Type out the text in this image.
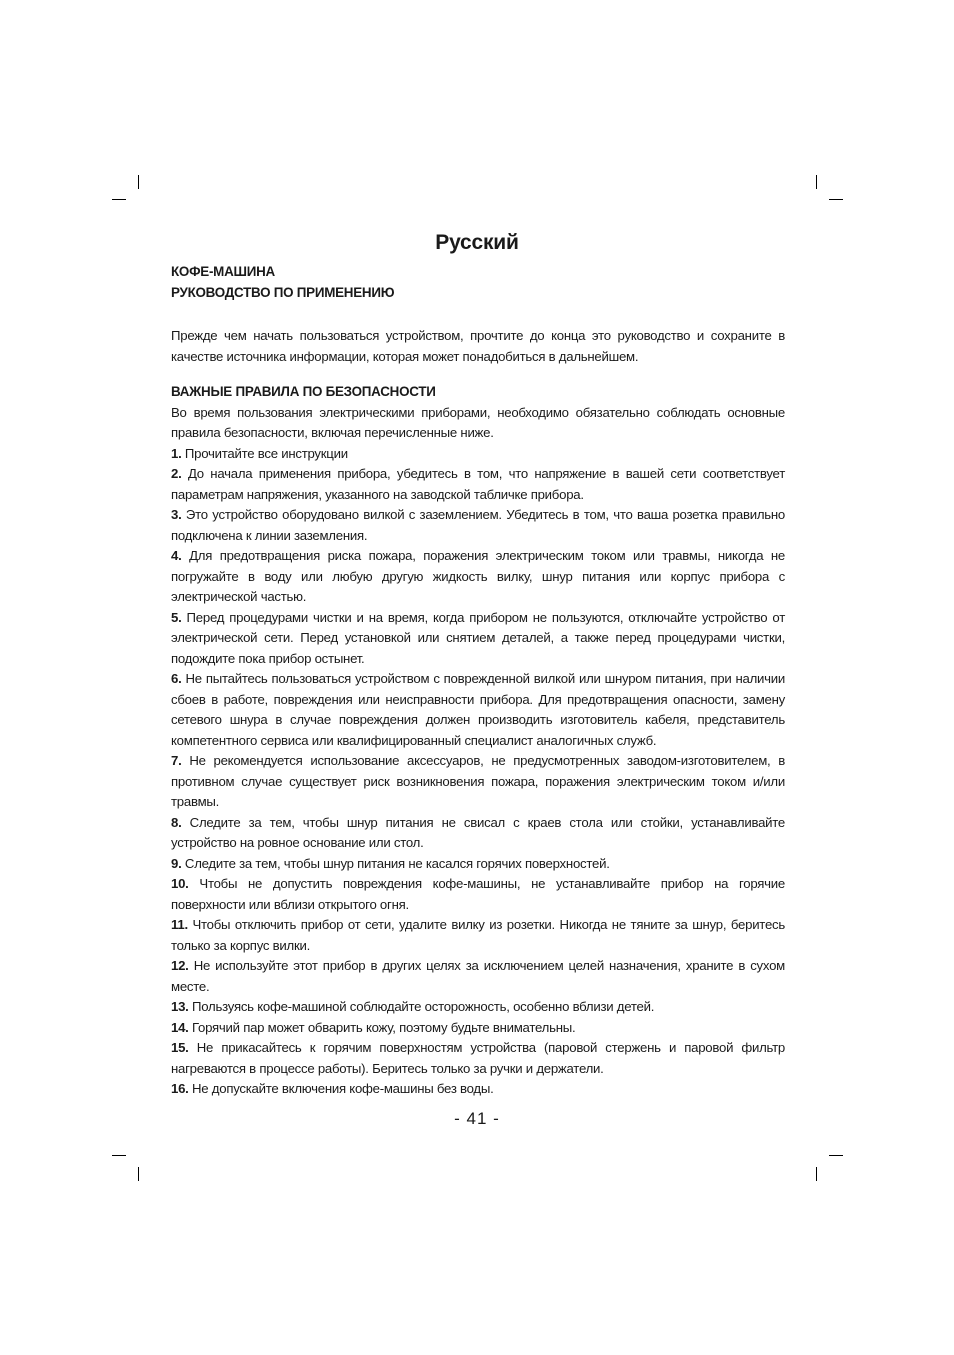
Русский

КОФЕ-МАШИНА

РУКОВОДСТВО ПО ПРИМЕНЕНИЮ

Прежде чем начать пользоваться устройством, прочтите до конца это руководство и сохраните в качестве источника информации, которая может понадобиться в дальнейшем.

ВАЖНЫЕ ПРАВИЛА ПО БЕЗОПАСНОСТИ

Во время пользования электрическими приборами, необходимо обязательно соблюдать основные правила безопасности, включая перечисленные ниже.

1. Прочитайте все инструкции

2. До начала применения прибора, убедитесь в том, что напряжение в вашей сети соответствует параметрам напряжения, указанного на заводской табличке прибора.

3. Это устройство оборудовано вилкой с заземлением. Убедитесь в том, что ваша розетка правильно подключена к линии заземления.

4. Для предотвращения риска пожара, поражения электрическим током или травмы, никогда не погружайте в воду или любую другую жидкость вилку, шнур питания или корпус прибора с электрической частью.

5. Перед процедурами чистки и на время, когда прибором не пользуются, отключайте устройство от электрической сети. Перед установкой или снятием деталей, а также перед процедурами чистки, подождите пока прибор остынет.

6. Не пытайтесь пользоваться устройством с поврежденной вилкой или шнуром питания, при наличии сбоев в работе, повреждения или неисправности прибора. Для предотвращения опасности, замену сетевого шнура в случае повреждения должен производить изготовитель кабеля, представитель компетентного сервиса или квалифицированный специалист аналогичных служб.

7. Не рекомендуется использование аксессуаров, не предусмотренных заводом-изготовителем, в противном случае существует риск возникновения пожара, поражения электрическим током и/или травмы.

8. Следите за тем, чтобы шнур питания не свисал с краев стола или стойки, устанавливайте устройство на ровное основание или стол.

9. Следите за тем, чтобы шнур питания не касался горячих поверхностей.

10. Чтобы не допустить повреждения кофе-машины, не устанавливайте прибор на горячие поверхности или вблизи открытого огня.

11. Чтобы отключить прибор от сети, удалите вилку из розетки. Никогда не тяните за шнур, беритесь только за корпус вилки.

12. Не используйте этот прибор в других целях за исключением целей назначения, храните в сухом месте.

13. Пользуясь кофе-машиной соблюдайте осторожность, особенно вблизи детей.

14. Горячий пар может обварить кожу, поэтому будьте внимательны.

15. Не прикасайтесь к горячим поверхностям устройства (паровой стержень и паровой фильтр нагреваются в процессе работы). Беритесь только за ручки и держатели.

16. Не допускайте включения кофе-машины без воды.

- 41 -
